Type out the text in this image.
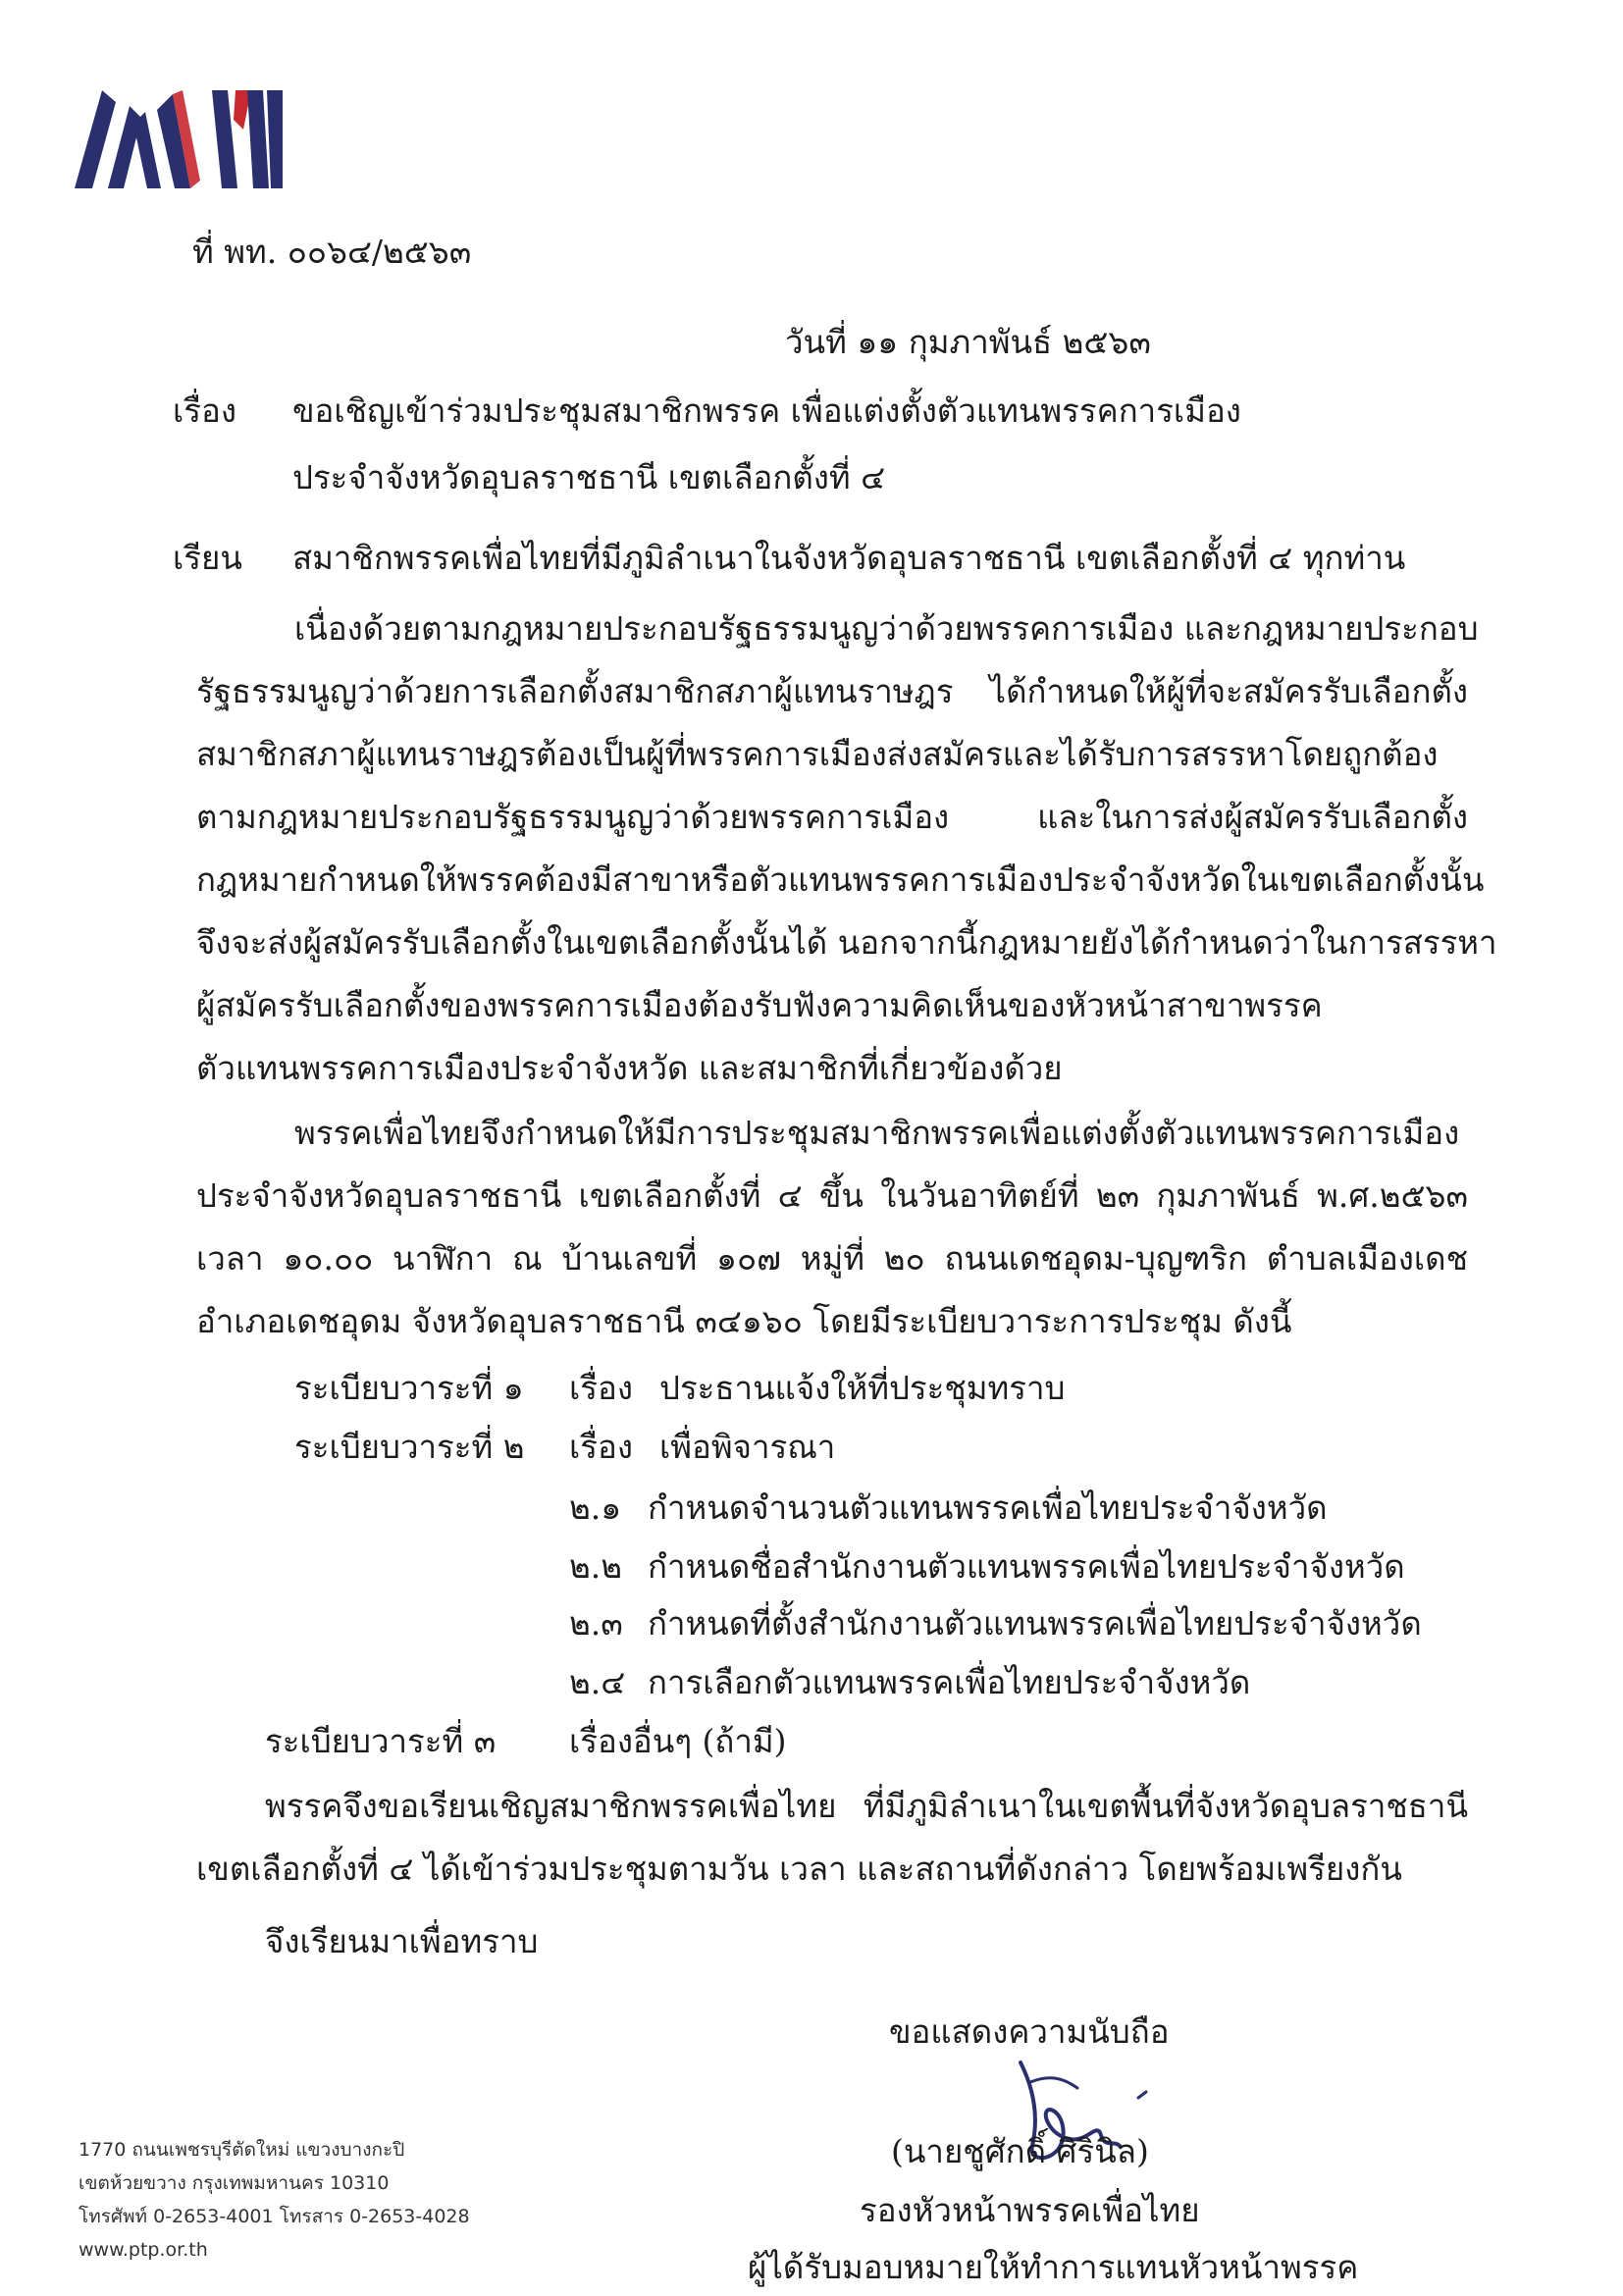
ที่ พท. ๐๐๖๔/๒๕๖๓
วันที่ ๑๑ กุมภาพันธ์ ๒๕๖๓
เรื่อง ขอเชิญเข้าร่วมประชุมสมาชิกพรรค เพื่อแต่งตั้งตัวแทนพรรคการเมือง
ประจำจังหวัดอุบลราชธานี เขตเลือกตั้งที่ ๔
เรียน สมาชิกพรรคเพื่อไทยที่มีภูมิลำเนาในจังหวัดอุบลราชธานี เขตเลือกตั้งที่ ๔ ทุกท่าน
เนื่องด้วยตามกฎหมายประกอบรัฐธรรมนูญว่าด้วยพรรคการเมือง และกฎหมายประกอบ
รัฐธรรมนูญว่าด้วยการเลือกตั้งสมาชิกสภาผู้แทนราษฎร ได้กำหนดให้ผู้ที่จะสมัครรับเลือกตั้ง
สมาชิกสภาผู้แทนราษฎรต้องเป็นผู้ที่พรรคการเมืองส่งสมัครและได้รับการสรรหาโดยถูกต้อง
ตามกฎหมายประกอบรัฐธรรมนูญว่าด้วยพรรคการเมือง และในการส่งผู้สมัครรับเลือกตั้ง
กฎหมายกำหนดให้พรรคต้องมีสาขาหรือตัวแทนพรรคการเมืองประจำจังหวัดในเขตเลือกตั้งนั้น
จึงจะส่งผู้สมัครรับเลือกตั้งในเขตเลือกตั้งนั้นได้ นอกจากนี้กฎหมายยังได้กำหนดว่าในการสรรหา
ผู้สมัครรับเลือกตั้งของพรรคการเมืองต้องรับฟังความคิดเห็นของหัวหน้าสาขาพรรค
ตัวแทนพรรคการเมืองประจำจังหวัด และสมาชิกที่เกี่ยวข้องด้วย
พรรคเพื่อไทยจึงกำหนดให้มีการประชุมสมาชิกพรรคเพื่อแต่งตั้งตัวแทนพรรคการเมือง
ประจำจังหวัดอุบลราชธานี เขตเลือกตั้งที่ ๔ ขึ้น ในวันอาทิตย์ที่ ๒๓ กุมภาพันธ์ พ.ศ.๒๕๖๓
เวลา ๑๐.๐๐ นาฬิกา ณ บ้านเลขที่ ๑๐๗ หมู่ที่ ๒๐ ถนนเดชอุดม-บุญฑริก ตำบลเมืองเดช
อำเภอเดชอุดม จังหวัดอุบลราชธานี ๓๔๑๖๐ โดยมีระเบียบวาระการประชุม ดังนี้
ระเบียบวาระที่ ๑ เรื่อง ประธานแจ้งให้ที่ประชุมทราบ
ระเบียบวาระที่ ๒ เรื่อง เพื่อพิจารณา
๒.๑ กำหนดจำนวนตัวแทนพรรคเพื่อไทยประจำจังหวัด
๒.๒ กำหนดชื่อสำนักงานตัวแทนพรรคเพื่อไทยประจำจังหวัด
๒.๓ กำหนดที่ตั้งสำนักงานตัวแทนพรรคเพื่อไทยประจำจังหวัด
๒.๔ การเลือกตัวแทนพรรคเพื่อไทยประจำจังหวัด
ระเบียบวาระที่ ๓ เรื่องอื่นๆ (ถ้ามี)
พรรคจึงขอเรียนเชิญสมาชิกพรรคเพื่อไทย ที่มีภูมิลำเนาในเขตพื้นที่จังหวัดอุบลราชธานี
เขตเลือกตั้งที่ ๔ ได้เข้าร่วมประชุมตามวัน เวลา และสถานที่ดังกล่าว โดยพร้อมเพรียงกัน
จึงเรียนมาเพื่อทราบ
ขอแสดงความนับถือ
(นายชูศักดิ์ ศิรินิล)
รองหัวหน้าพรรคเพื่อไทย
ผู้ได้รับมอบหมายให้ทำการแทนหัวหน้าพรรค
1770 ถนนเพชรบุรีตัดใหม่ แขวงบางกะปิ
เขตห้วยขวาง กรุงเทพมหานคร 10310
โทรศัพท์ 0-2653-4001 โทรสาร 0-2653-4028
www.ptp.or.th
